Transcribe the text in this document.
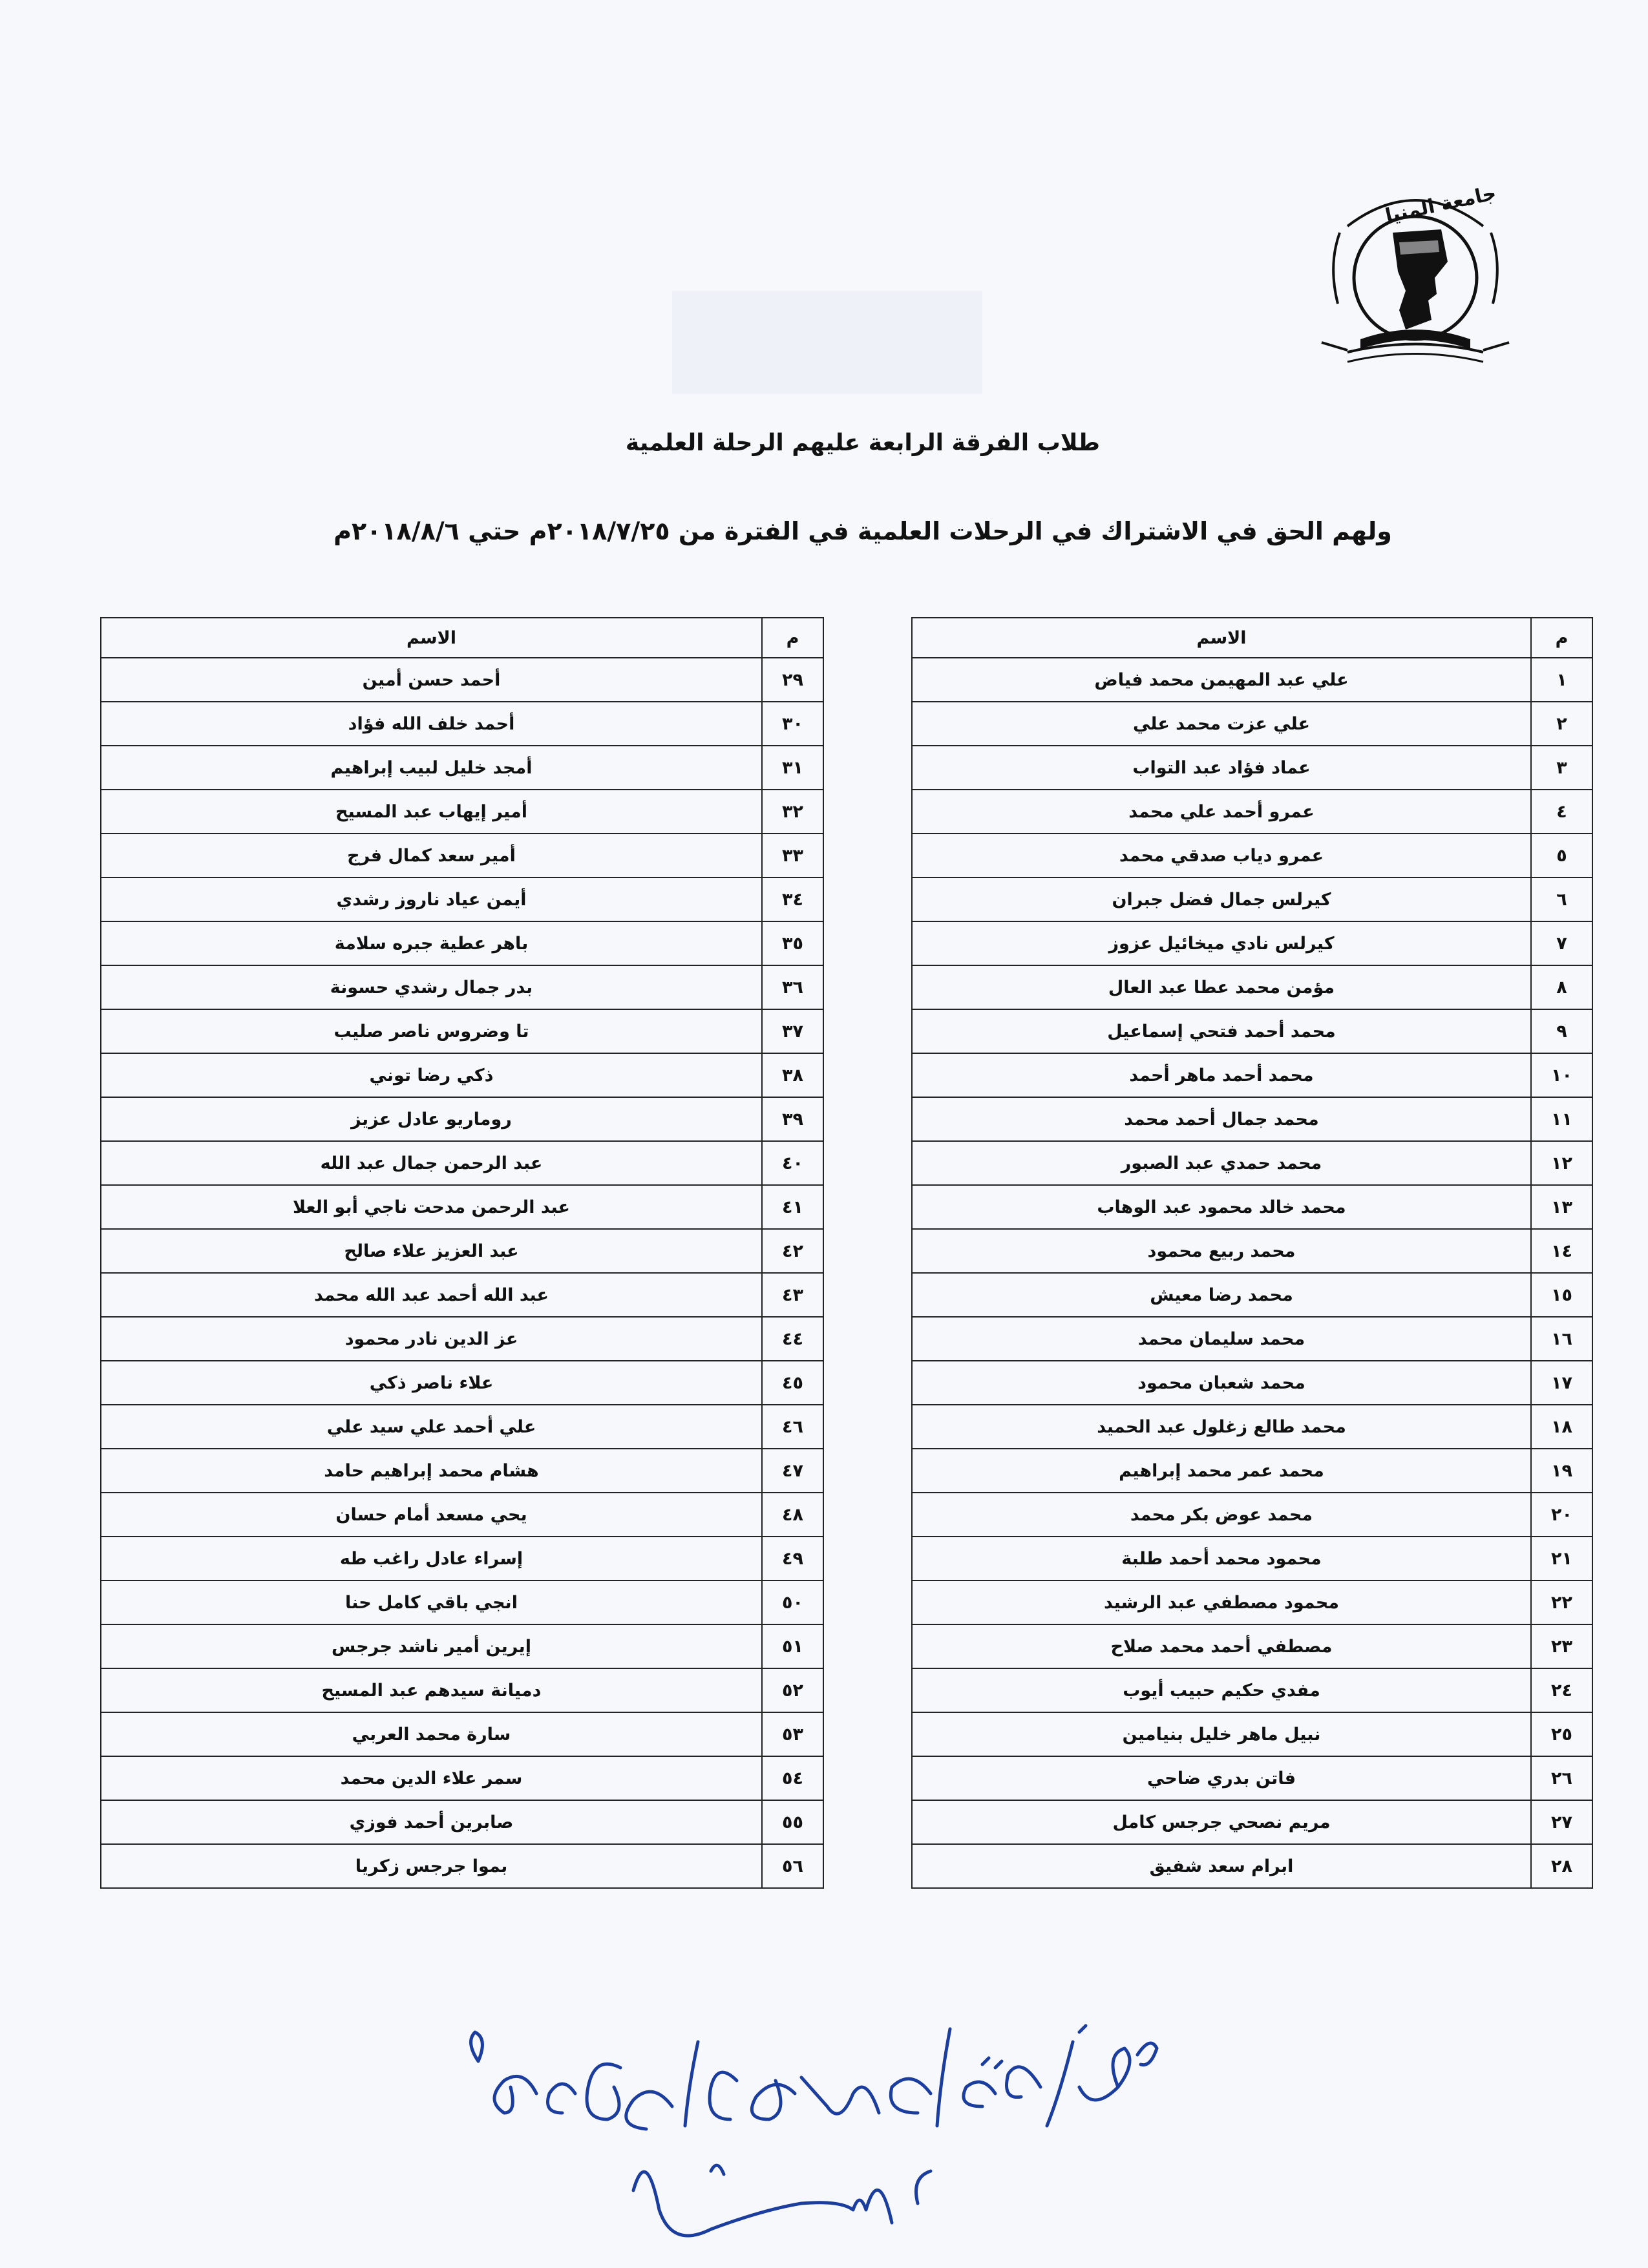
جامعة المنيا
طلاب الفرقة الرابعة عليهم الرحلة العلمية
ولهم الحق في الاشتراك في الرحلات العلمية في الفترة من ٢٠١٨/٧/٢٥م حتي ٢٠١٨/٨/٦م
م	الاسم
١	علي عبد المهيمن محمد فياض
٢	علي عزت محمد علي
٣	عماد فؤاد عبد التواب
٤	عمرو أحمد علي محمد
٥	عمرو دياب صدقي محمد
٦	كيرلس جمال فضل جبران
٧	كيرلس نادي ميخائيل عزوز
٨	مؤمن محمد عطا عبد العال
٩	محمد أحمد فتحي إسماعيل
١٠	محمد أحمد ماهر أحمد
١١	محمد جمال أحمد محمد
١٢	محمد حمدي عبد الصبور
١٣	محمد خالد محمود عبد الوهاب
١٤	محمد ربيع محمود
١٥	محمد رضا معيش
١٦	محمد سليمان محمد
١٧	محمد شعبان محمود
١٨	محمد طالع زغلول عبد الحميد
١٩	محمد عمر محمد إبراهيم
٢٠	محمد عوض بكر محمد
٢١	محمود محمد أحمد طلبة
٢٢	محمود مصطفي عبد الرشيد
٢٣	مصطفي أحمد محمد صلاح
٢٤	مفدي حكيم حبيب أيوب
٢٥	نبيل ماهر خليل بنيامين
٢٦	فاتن بدري ضاحي
٢٧	مريم نصحي جرجس كامل
٢٨	ابرام سعد شفيق
م	الاسم
٢٩	أحمد حسن أمين
٣٠	أحمد خلف الله فؤاد
٣١	أمجد خليل لبيب إبراهيم
٣٢	أمير إيهاب عبد المسيح
٣٣	أمير سعد كمال فرج
٣٤	أيمن عياد ناروز رشدي
٣٥	باهر عطية جبره سلامة
٣٦	بدر جمال رشدي حسونة
٣٧	تا وضروس ناصر صليب
٣٨	ذكي رضا توني
٣٩	روماريو عادل عزيز
٤٠	عبد الرحمن جمال عبد الله
٤١	عبد الرحمن مدحت ناجي أبو العلا
٤٢	عبد العزيز علاء صالح
٤٣	عبد الله أحمد عبد الله محمد
٤٤	عز الدين نادر محمود
٤٥	علاء ناصر ذكي
٤٦	علي أحمد علي سيد علي
٤٧	هشام محمد إبراهيم حامد
٤٨	يحي مسعد أمام حسان
٤٩	إسراء عادل راغب طه
٥٠	انجي باقي كامل حنا
٥١	إيرين أمير ناشد جرجس
٥٢	دميانة سيدهم عبد المسيح
٥٣	سارة محمد العربي
٥٤	سمر علاء الدين محمد
٥٥	صابرين أحمد فوزي
٥٦	بموا جرجس زكريا
